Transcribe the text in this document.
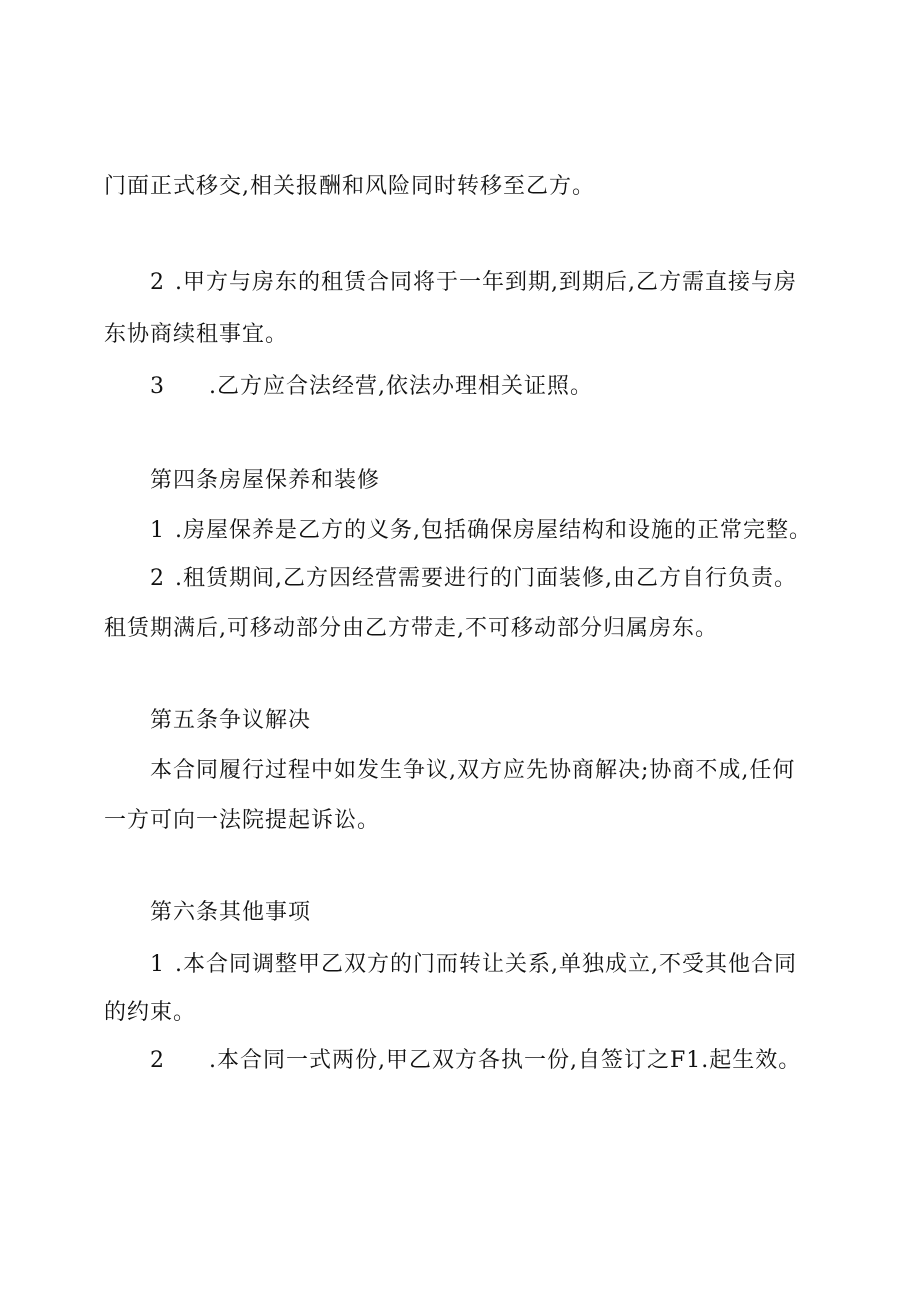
门面正式移交,相关报酬和风险同时转移至乙方。
2 .甲方与房东的租赁合同将于一年到期,到期后,乙方需直接与房
东协商续租事宜。
3 .乙方应合法经营,依法办理相关证照。
第四条房屋保养和装修
1 .房屋保养是乙方的义务,包括确保房屋结构和设施的正常完整。
2 .租赁期间,乙方因经营需要进行的门面装修,由乙方自行负责。
租赁期满后,可移动部分由乙方带走,不可移动部分归属房东。
第五条争议解决
本合同履行过程中如发生争议,双方应先协商解决;协商不成,任何
一方可向一法院提起诉讼。
第六条其他事项
1 .本合同调整甲乙双方的门而转让关系,单独成立,不受其他合同
的约束。
2 .本合同一式两份,甲乙双方各执一份,自签订之F1.起生效。
